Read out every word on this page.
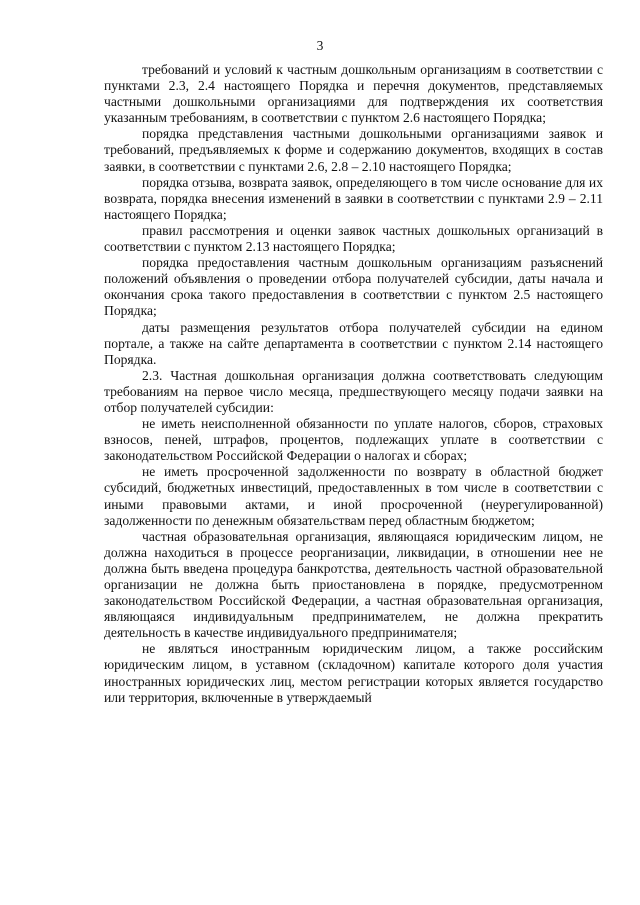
3

требований и условий к частным дошкольным организациям в соответствии с пунктами 2.3, 2.4 настоящего Порядка и перечня документов, представляемых частными дошкольными организациями для подтверждения их соответствия указанным требованиям, в соответствии с пунктом 2.6 настоящего Порядка;

порядка представления частными дошкольными организациями заявок и требований, предъявляемых к форме и содержанию документов, входящих в состав заявки, в соответствии с пунктами 2.6, 2.8 – 2.10 настоящего Порядка;

порядка отзыва, возврата заявок, определяющего в том числе основание для их возврата, порядка внесения изменений в заявки в соответствии с пунктами 2.9 – 2.11 настоящего Порядка;

правил рассмотрения и оценки заявок частных дошкольных организаций в соответствии с пунктом 2.13 настоящего Порядка;

порядка предоставления частным дошкольным организациям разъяснений положений объявления о проведении отбора получателей субсидии, даты начала и окончания срока такого предоставления в соответствии с пунктом 2.5 настоящего Порядка;

даты размещения результатов отбора получателей субсидии на едином портале, а также на сайте департамента в соответствии с пунктом 2.14 настоящего Порядка.

2.3. Частная дошкольная организация должна соответствовать следующим требованиям на первое число месяца, предшествующего месяцу подачи заявки на отбор получателей субсидии:

не иметь неисполненной обязанности по уплате налогов, сборов, страховых взносов, пеней, штрафов, процентов, подлежащих уплате в соответствии с законодательством Российской Федерации о налогах и сборах;

не иметь просроченной задолженности по возврату в областной бюджет субсидий, бюджетных инвестиций, предоставленных в том числе в соответствии с иными правовыми актами, и иной просроченной (неурегулированной) задолженности по денежным обязательствам перед областным бюджетом;

частная образовательная организация, являющаяся юридическим лицом, не должна находиться в процессе реорганизации, ликвидации, в отношении нее не должна быть введена процедура банкротства, деятельность частной образовательной организации не должна быть приостановлена в порядке, предусмотренном законодательством Российской Федерации, а частная образовательная организация, являющаяся индивидуальным предпринимателем, не должна прекратить деятельность в качестве индивидуального предпринимателя;

не являться иностранным юридическим лицом, а также российским юридическим лицом, в уставном (складочном) капитале которого доля участия иностранных юридических лиц, местом регистрации которых является государство или территория, включенные в утверждаемый
